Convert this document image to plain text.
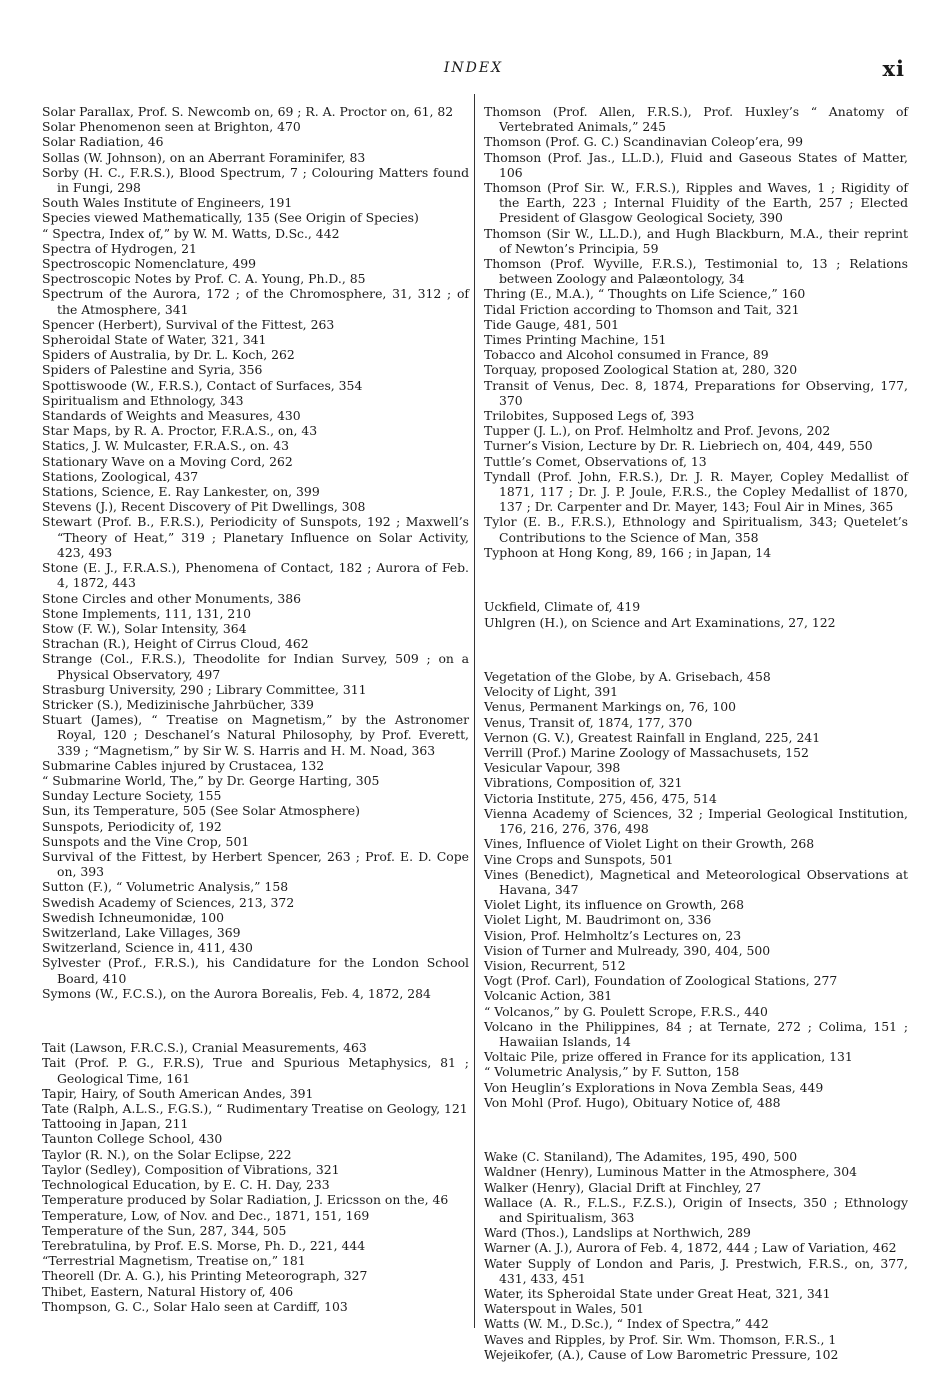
INDEX	xi

Solar Parallax, Prof. S. Newcomb on, 69 ; R. A. Proctor on, 61, 82

Solar Phenomenon seen at Brighton, 470

Solar Radiation, 46

Sollas (W. Johnson), on an Aberrant Foraminifer, 83

Sorby (H. C., F.R.S.), Blood Spectrum, 7 ; Colouring Matters found in Fungi, 298

South Wales Institute of Engineers, 191

Species viewed Mathematically, 135 (See Origin of Species)

“ Spectra, Index of,” by W. M. Watts, D.Sc., 442

Spectra of Hydrogen, 21

Spectroscopic Nomenclature, 499

Spectroscopic Notes by Prof. C. A. Young, Ph.D., 85

Spectrum of the Aurora, 172 ; of the Chromosphere, 31, 312 ; of the Atmosphere, 341

Spencer (Herbert), Survival of the Fittest, 263

Spheroidal State of Water, 321, 341

Spiders of Australia, by Dr. L. Koch, 262

Spiders of Palestine and Syria, 356

Spottiswoode (W., F.R.S.), Contact of Surfaces, 354

Spiritualism and Ethnology, 343

Standards of Weights and Measures, 430

Star Maps, by R. A. Proctor, F.R.A.S., on, 43

Statics, J. W. Mulcaster, F.R.A.S., on. 43

Stationary Wave on a Moving Cord, 262

Stations, Zoological, 437

Stations, Science, E. Ray Lankester, on, 399

Stevens (J.), Recent Discovery of Pit Dwellings, 308

Stewart (Prof. B., F.R.S.), Periodicity of Sunspots, 192 ; Maxwell’s “Theory of Heat,” 319 ; Planetary Influence on Solar Activity, 423, 493

Stone (E. J., F.R.A.S.), Phenomena of Contact, 182 ; Aurora of Feb. 4, 1872, 443

Stone Circles and other Monuments, 386

Stone Implements, 111, 131, 210

Stow (F. W.), Solar Intensity, 364

Strachan (R.), Height of Cirrus Cloud, 462

Strange (Col., F.R.S.), Theodolite for Indian Survey, 509 ; on a Physical Observatory, 497

Strasburg University, 290 ; Library Committee, 311

Stricker (S.), Medizinische Jahrbücher, 339

Stuart (James), “ Treatise on Magnetism,” by the Astronomer Royal, 120 ; Deschanel’s Natural Philosophy, by Prof. Everett, 339 ; “Magnetism,” by Sir W. S. Harris and H. M. Noad, 363

Submarine Cables injured by Crustacea, 132

“ Submarine World, The,” by Dr. George Harting, 305

Sunday Lecture Society, 155

Sun, its Temperature, 505 (See Solar Atmosphere)

Sunspots, Periodicity of, 192

Sunspots and the Vine Crop, 501

Survival of the Fittest, by Herbert Spencer, 263 ; Prof. E. D. Cope on, 393

Sutton (F.), “ Volumetric Analysis,” 158

Swedish Academy of Sciences, 213, 372

Swedish Ichneumonidæ, 100

Switzerland, Lake Villages, 369

Switzerland, Science in, 411, 430

Sylvester (Prof., F.R.S.), his Candidature for the London School Board, 410

Symons (W., F.C.S.), on the Aurora Borealis, Feb. 4, 1872, 284

Tait (Lawson, F.R.C.S.), Cranial Measurements, 463

Tait (Prof. P. G., F.R.S), True and Spurious Metaphysics, 81 ; Geological Time, 161

Tapir, Hairy, of South American Andes, 391

Tate (Ralph, A.L.S., F.G.S.), “ Rudimentary Treatise on Geology, 121

Tattooing in Japan, 211

Taunton College School, 430

Taylor (R. N.), on the Solar Eclipse, 222

Taylor (Sedley), Composition of Vibrations, 321

Technological Education, by E. C. H. Day, 233

Temperature produced by Solar Radiation, J. Ericsson on the, 46

Temperature, Low, of Nov. and Dec., 1871, 151, 169

Temperature of the Sun, 287, 344, 505

Terebratulina, by Prof. E.S. Morse, Ph. D., 221, 444

“Terrestrial Magnetism, Treatise on,” 181

Theorell (Dr. A. G.), his Printing Meteorograph, 327

Thibet, Eastern, Natural History of, 406

Thompson, G. C., Solar Halo seen at Cardiff, 103

Thomson (Prof. Allen, F.R.S.), Prof. Huxley’s “ Anatomy of Vertebrated Animals,” 245

Thomson (Prof. G. C.) Scandinavian Coleop’era, 99

Thomson (Prof. Jas., LL.D.), Fluid and Gaseous States of Matter, 106

Thomson (Prof Sir. W., F.R.S.), Ripples and Waves, 1 ; Rigidity of the Earth, 223 ; Internal Fluidity of the Earth, 257 ; Elected President of Glasgow Geological Society, 390

Thomson (Sir W., LL.D.), and Hugh Blackburn, M.A., their reprint of Newton’s Principia, 59

Thomson (Prof. Wyville, F.R.S.), Testimonial to, 13 ; Relations between Zoology and Palæontology, 34

Thring (E., M.A.), “ Thoughts on Life Science,” 160

Tidal Friction according to Thomson and Tait, 321

Tide Gauge, 481, 501

Times Printing Machine, 151

Tobacco and Alcohol consumed in France, 89

Torquay, proposed Zoological Station at, 280, 320

Transit of Venus, Dec. 8, 1874, Preparations for Observing, 177, 370

Trilobites, Supposed Legs of, 393

Tupper (J. L.), on Prof. Helmholtz and Prof. Jevons, 202

Turner’s Vision, Lecture by Dr. R. Liebriech on, 404, 449, 550

Tuttle’s Comet, Observations of, 13

Tyndall (Prof. John, F.R.S.), Dr. J. R. Mayer, Copley Medallist of 1871, 117 ; Dr. J. P. Joule, F.R.S., the Copley Medallist of 1870, 137 ; Dr. Carpenter and Dr. Mayer, 143; Foul Air in Mines, 365

Tylor (E. B., F.R.S.), Ethnology and Spiritualism, 343; Quetelet’s Contributions to the Science of Man, 358

Typhoon at Hong Kong, 89, 166 ; in Japan, 14

Uckfield, Climate of, 419

Uhlgren (H.), on Science and Art Examinations, 27, 122

Vegetation of the Globe, by A. Grisebach, 458

Velocity of Light, 391

Venus, Permanent Markings on, 76, 100

Venus, Transit of, 1874, 177, 370

Vernon (G. V.), Greatest Rainfall in England, 225, 241

Verrill (Prof.) Marine Zoology of Massachusets, 152

Vesicular Vapour, 398

Vibrations, Composition of, 321

Victoria Institute, 275, 456, 475, 514

Vienna Academy of Sciences, 32 ; Imperial Geological Institution, 176, 216, 276, 376, 498

Vines, Influence of Violet Light on their Growth, 268

Vine Crops and Sunspots, 501

Vines (Benedict), Magnetical and Meteorological Observations at Havana, 347

Violet Light, its influence on Growth, 268

Violet Light, M. Baudrimont on, 336

Vision, Prof. Helmholtz’s Lectures on, 23

Vision of Turner and Mulready, 390, 404, 500

Vision, Recurrent, 512

Vogt (Prof. Carl), Foundation of Zoological Stations, 277

Volcanic Action, 381

“ Volcanos,” by G. Poulett Scrope, F.R.S., 440

Volcano in the Philippines, 84 ; at Ternate, 272 ; Colima, 151 ; Hawaiian Islands, 14

Voltaic Pile, prize offered in France for its application, 131

“ Volumetric Analysis,” by F. Sutton, 158

Von Heuglin’s Explorations in Nova Zembla Seas, 449

Von Mohl (Prof. Hugo), Obituary Notice of, 488

Wake (C. Staniland), The Adamites, 195, 490, 500

Waldner (Henry), Luminous Matter in the Atmosphere, 304

Walker (Henry), Glacial Drift at Finchley, 27

Wallace (A. R., F.L.S., F.Z.S.), Origin of Insects, 350 ; Ethnology and Spiritualism, 363

Ward (Thos.), Landslips at Northwich, 289

Warner (A. J.), Aurora of Feb. 4, 1872, 444 ; Law of Variation, 462

Water Supply of London and Paris, J. Prestwich, F.R.S., on, 377, 431, 433, 451

Water, its Spheroidal State under Great Heat, 321, 341

Waterspout in Wales, 501

Watts (W. M., D.Sc.), “ Index of Spectra,” 442

Waves and Ripples, by Prof. Sir. Wm. Thomson, F.R.S., 1

Wejeikofer, (A.), Cause of Low Barometric Pressure, 102
